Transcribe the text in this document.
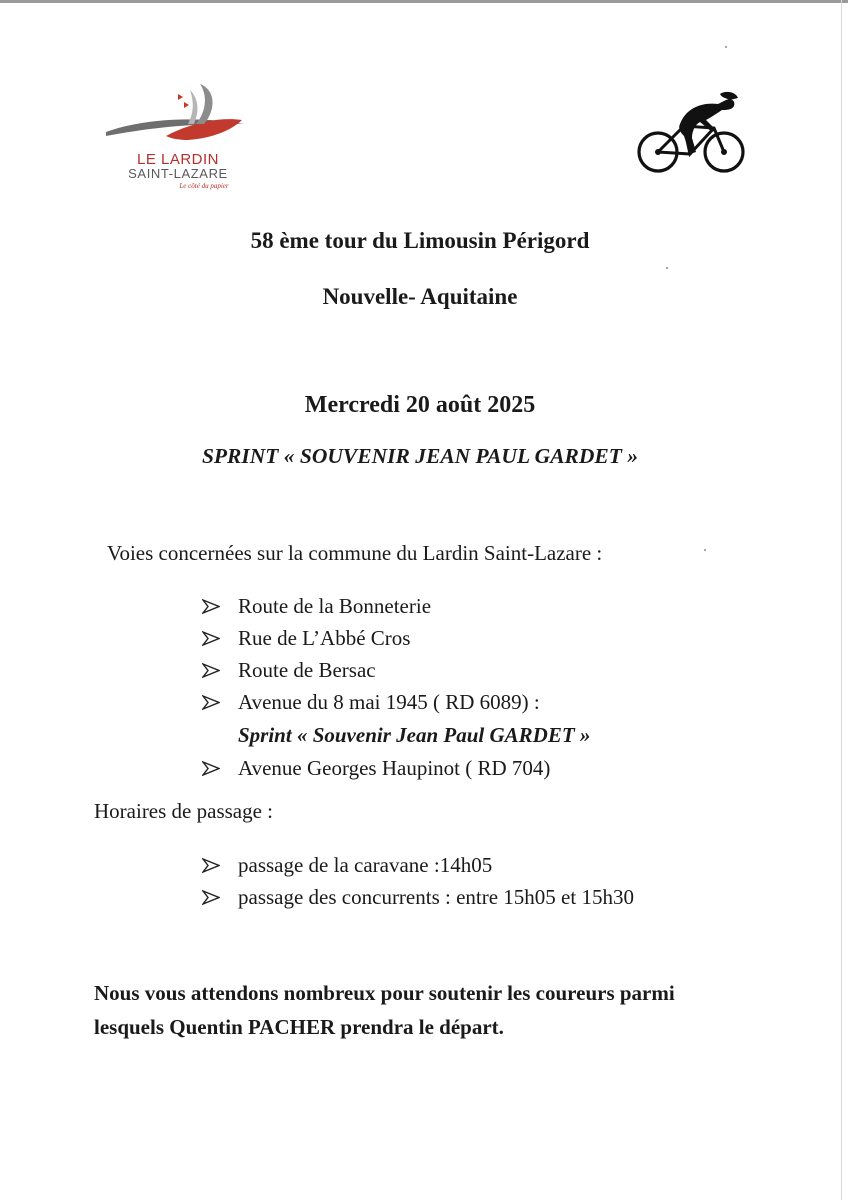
LE LARDIN
SAINT-LAZARE
Le côté du papier
58 ème tour du Limousin Périgord
Nouvelle- Aquitaine
Mercredi 20 août 2025
SPRINT « SOUVENIR JEAN PAUL GARDET »
Voies concernées sur la commune du Lardin Saint-Lazare :
Route de la Bonneterie
Rue de L’Abbé Cros
Route de Bersac
Avenue du 8 mai 1945 ( RD 6089) :
Sprint « Souvenir Jean Paul GARDET »
Avenue Georges Haupinot ( RD 704)
Horaires de passage :
passage de la caravane :14h05
passage des concurrents : entre 15h05 et 15h30
Nous vous attendons nombreux pour soutenir les coureurs parmi
lesquels Quentin PACHER prendra le départ.
